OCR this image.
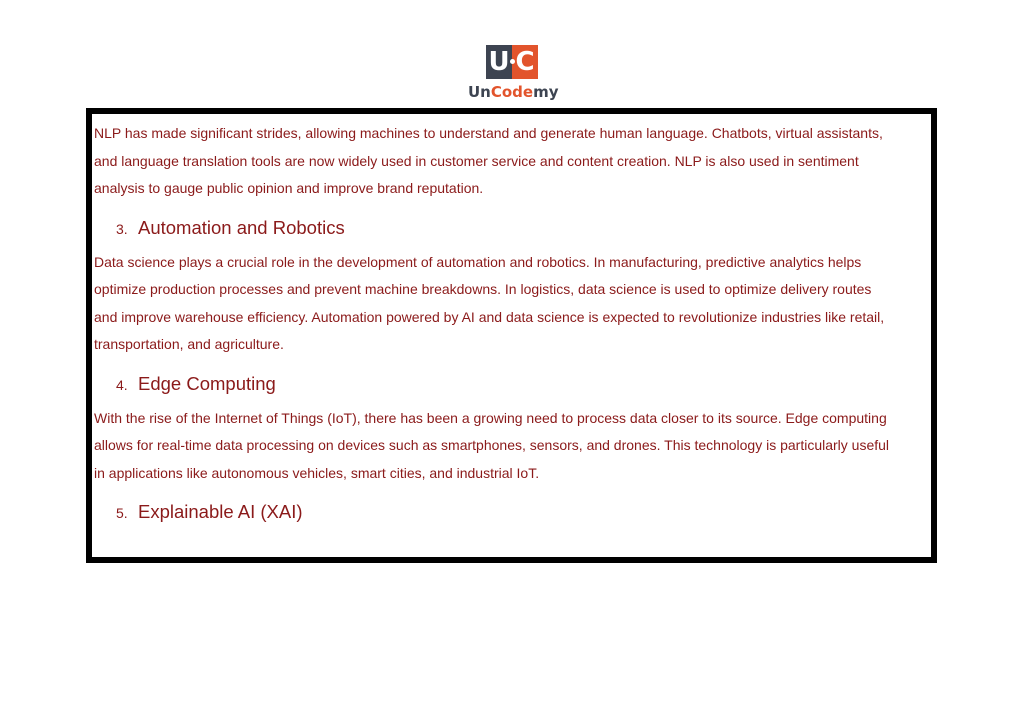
U C
UnCodemy

NLP has made significant strides, allowing machines to understand and generate human language. Chatbots, virtual assistants,

and language translation tools are now widely used in customer service and content creation. NLP is also used in sentiment

analysis to gauge public opinion and improve brand reputation.

3. Automation and Robotics

Data science plays a crucial role in the development of automation and robotics. In manufacturing, predictive analytics helps

optimize production processes and prevent machine breakdowns. In logistics, data science is used to optimize delivery routes

and improve warehouse efficiency. Automation powered by AI and data science is expected to revolutionize industries like retail,

transportation, and agriculture.

4. Edge Computing

With the rise of the Internet of Things (IoT), there has been a growing need to process data closer to its source. Edge computing

allows for real-time data processing on devices such as smartphones, sensors, and drones. This technology is particularly useful

in applications like autonomous vehicles, smart cities, and industrial IoT.

5. Explainable AI (XAI)
